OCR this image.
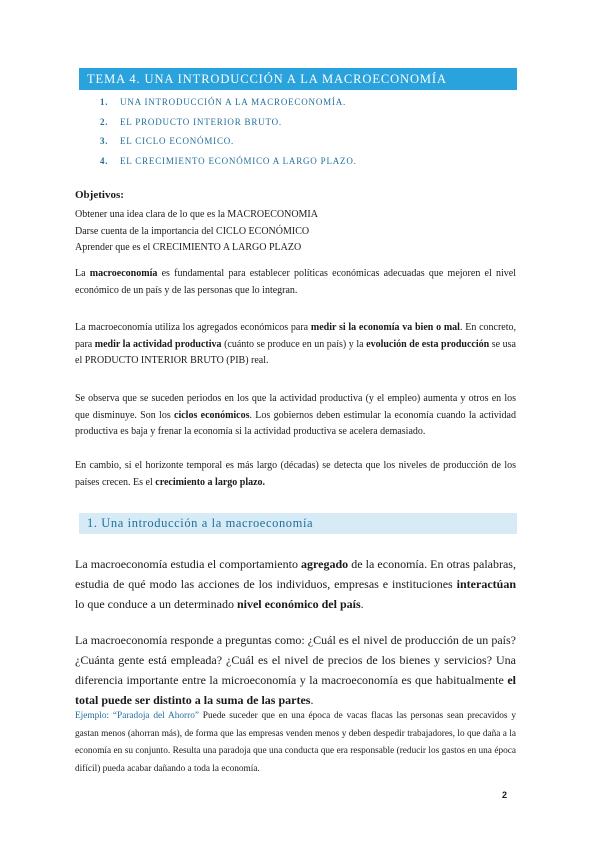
TEMA 4. UNA INTRODUCCIÓN A LA MACROECONOMÍA
1. UNA INTRODUCCIÓN A LA MACROECONOMÍA.
2. EL PRODUCTO INTERIOR BRUTO.
3. EL CICLO ECONÓMICO.
4. EL CRECIMIENTO ECONÓMICO A LARGO PLAZO.
Objetivos:
Obtener una idea clara de lo que es la MACROECONOMIA
Darse cuenta de la importancia del CICLO ECONÓMICO
Aprender que es el CRECIMIENTO A LARGO PLAZO

La macroeconomía es fundamental para establecer políticas económicas adecuadas que mejoren el nivel económico de un país y de las personas que lo integran.

La macroeconomía utiliza los agregados económicos para medir si la economía va bien o mal. En concreto, para medir la actividad productiva (cuánto se produce en un país) y la evolución de esta producción se usa el PRODUCTO INTERIOR BRUTO (PIB) real.

Se observa que se suceden periodos en los que la actividad productiva (y el empleo) aumenta y otros en los que disminuye. Son los ciclos económicos. Los gobiernos deben estimular la economía cuando la actividad productiva es baja y frenar la economía si la actividad productiva se acelera demasiado.

En cambio, si el horizonte temporal es más largo (décadas) se detecta que los niveles de producción de los países crecen. Es el crecimiento a largo plazo.

1. Una introducción a la macroeconomía

La macroeconomía estudia el comportamiento agregado de la economía. En otras palabras, estudia de qué modo las acciones de los individuos, empresas e instituciones interactúan lo que conduce a un determinado nivel económico del país.

La macroeconomía responde a preguntas como: ¿Cuál es el nivel de producción de un país? ¿Cuánta gente está empleada? ¿Cuál es el nivel de precios de los bienes y servicios? Una diferencia importante entre la microeconomía y la macroeconomía es que habitualmente el total puede ser distinto a la suma de las partes.

Ejemplo: “Paradoja del Ahorro” Puede suceder que en una época de vacas flacas las personas sean precavidos y gastan menos (ahorran más), de forma que las empresas venden menos y deben despedir trabajadores, lo que daña a la economía en su conjunto. Resulta una paradoja que una conducta que era responsable (reducir los gastos en una época difícil) pueda acabar dañando a toda la economía.

2
